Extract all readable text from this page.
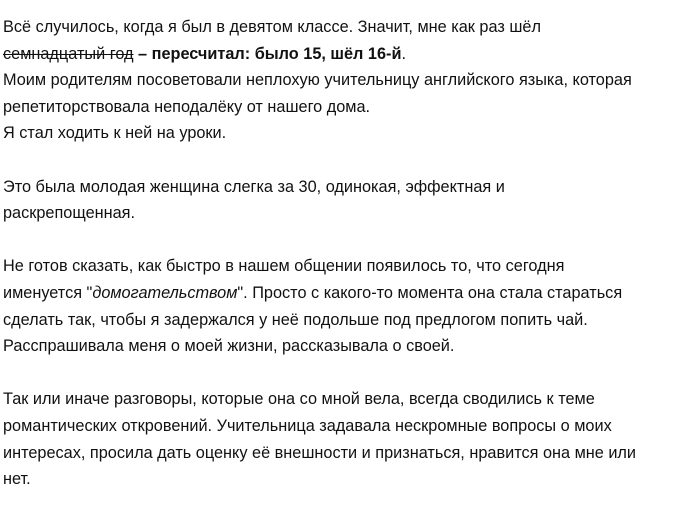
Всё случилось, когда я был в девятом классе. Значит, мне как раз шёл
семнадцатый год – пересчитал: было 15, шёл 16-й.
Моим родителям посоветовали неплохую учительницу английского языка, которая
репетиторствовала неподалёку от нашего дома.
Я стал ходить к ней на уроки.
Это была молодая женщина слегка за 30, одинокая, эффектная и
раскрепощенная.
Не готов сказать, как быстро в нашем общении появилось то, что сегодня
именуется "домогательством". Просто с какого-то момента она стала стараться
сделать так, чтобы я задержался у неё подольше под предлогом попить чай.
Расспрашивала меня о моей жизни, рассказывала о своей.
Так или иначе разговоры, которые она со мной вела, всегда сводились к теме
романтических откровений. Учительница задавала нескромные вопросы о моих
интересах, просила дать оценку её внешности и признаться, нравится она мне или
нет.
